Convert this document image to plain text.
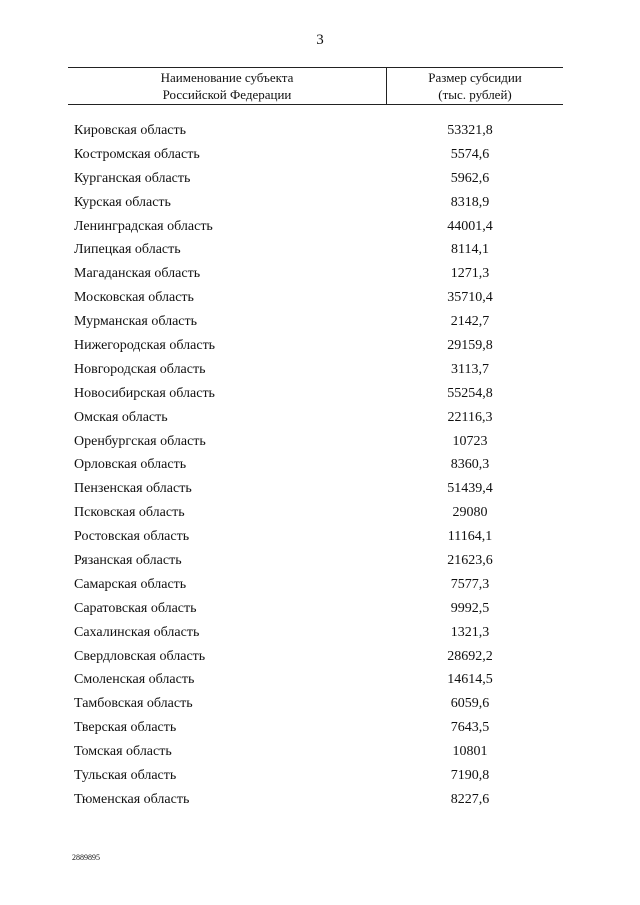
3
Наименование субъекта
Российской Федерации
Размер субсидии
(тыс. рублей)
Кировская область	53321,8
Костромская область	5574,6
Курганская область	5962,6
Курская область	8318,9
Ленинградская область	44001,4
Липецкая область	8114,1
Магаданская область	1271,3
Московская область	35710,4
Мурманская область	2142,7
Нижегородская область	29159,8
Новгородская область	3113,7
Новосибирская область	55254,8
Омская область	22116,3
Оренбургская область	10723
Орловская область	8360,3
Пензенская область	51439,4
Псковская область	29080
Ростовская область	11164,1
Рязанская область	21623,6
Самарская область	7577,3
Саратовская область	9992,5
Сахалинская область	1321,3
Свердловская область	28692,2
Смоленская область	14614,5
Тамбовская область	6059,6
Тверская область	7643,5
Томская область	10801
Тульская область	7190,8
Тюменская область	8227,6
2889895
